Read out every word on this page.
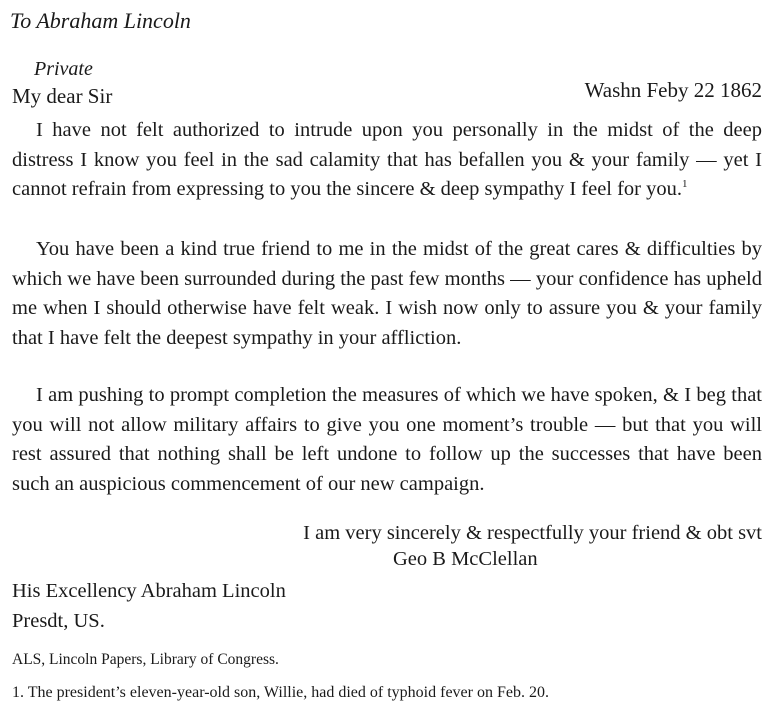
To Abraham Lincoln
Private
My dear Sir	Washn Feby 22 1862

I have not felt authorized to intrude upon you personally in the midst of the deep distress I know you feel in the sad calamity that has befallen you & your family — yet I cannot refrain from expressing to you the sincere & deep sympathy I feel for you.$^1$

You have been a kind true friend to me in the midst of the great cares & difficulties by which we have been surrounded during the past few months — your confidence has upheld me when I should otherwise have felt weak. I wish now only to assure you & your family that I have felt the deepest sympathy in your affliction.

I am pushing to prompt completion the measures of which we have spoken, & I beg that you will not allow military affairs to give you one moment’s trouble — but that you will rest assured that nothing shall be left undone to follow up the successes that have been such an auspicious commencement of our new campaign.

I am very sincerely & respectfully your friend & obt svt
Geo B McClellan
His Excellency Abraham Lincoln
Presdt, US.
ALS, Lincoln Papers, Library of Congress.
1. The president’s eleven-year-old son, Willie, had died of typhoid fever on Feb. 20.
